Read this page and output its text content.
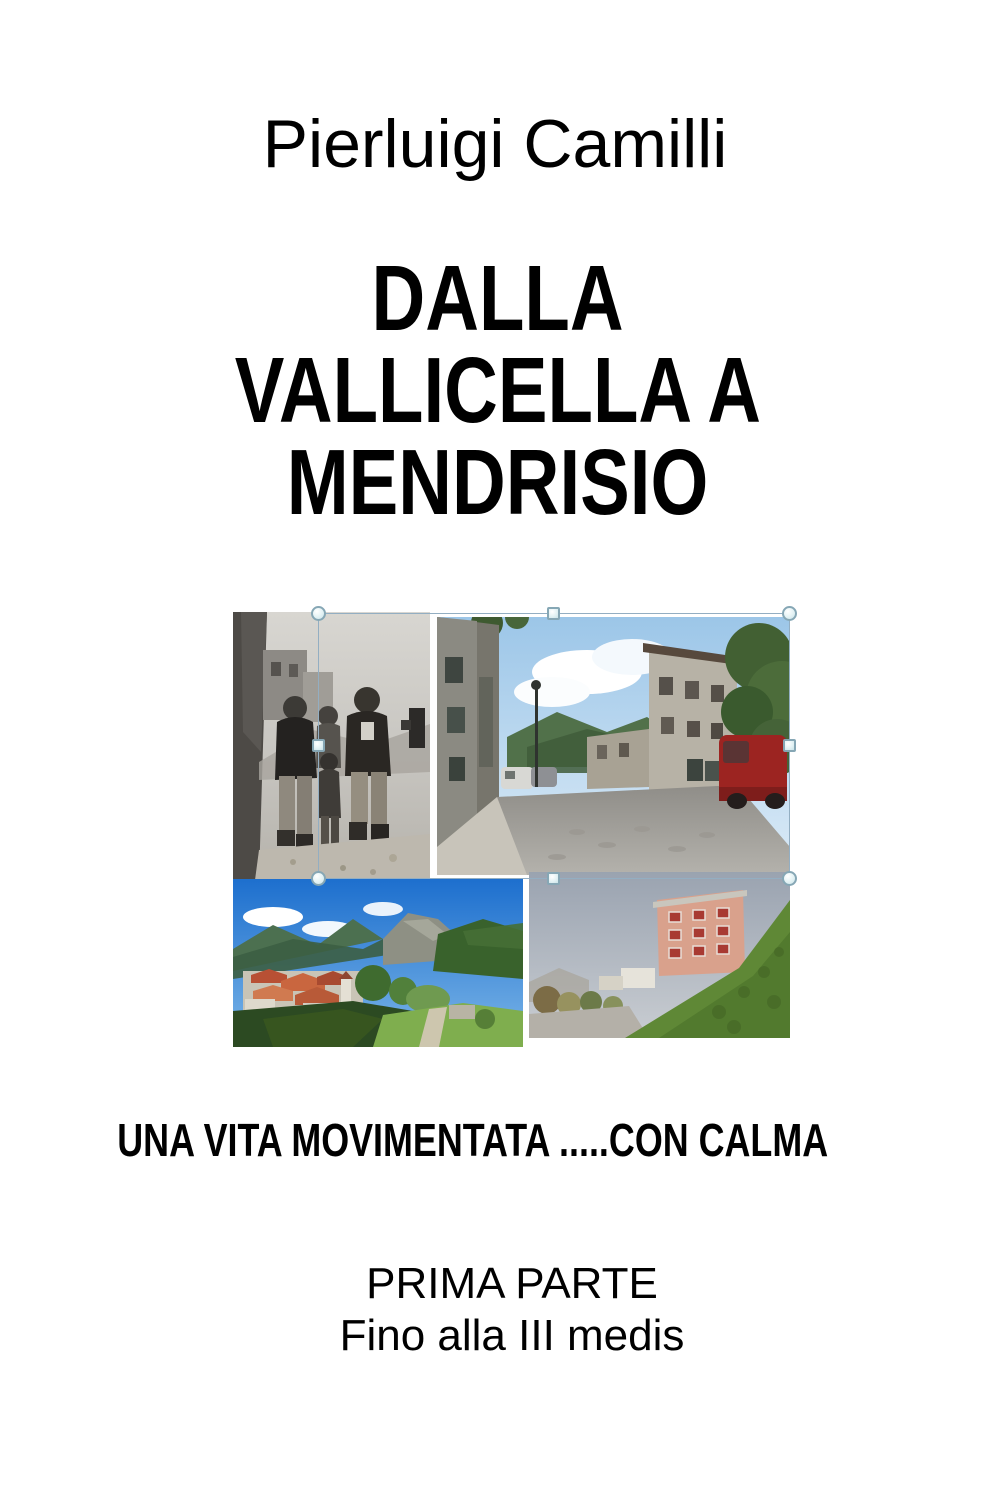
Pierluigi Camilli
DALLA
VALLICELLA A
MENDRISIO
UNA VITA MOVIMENTATA .....CON CALMA
PRIMA PARTE
Fino alla III medis
